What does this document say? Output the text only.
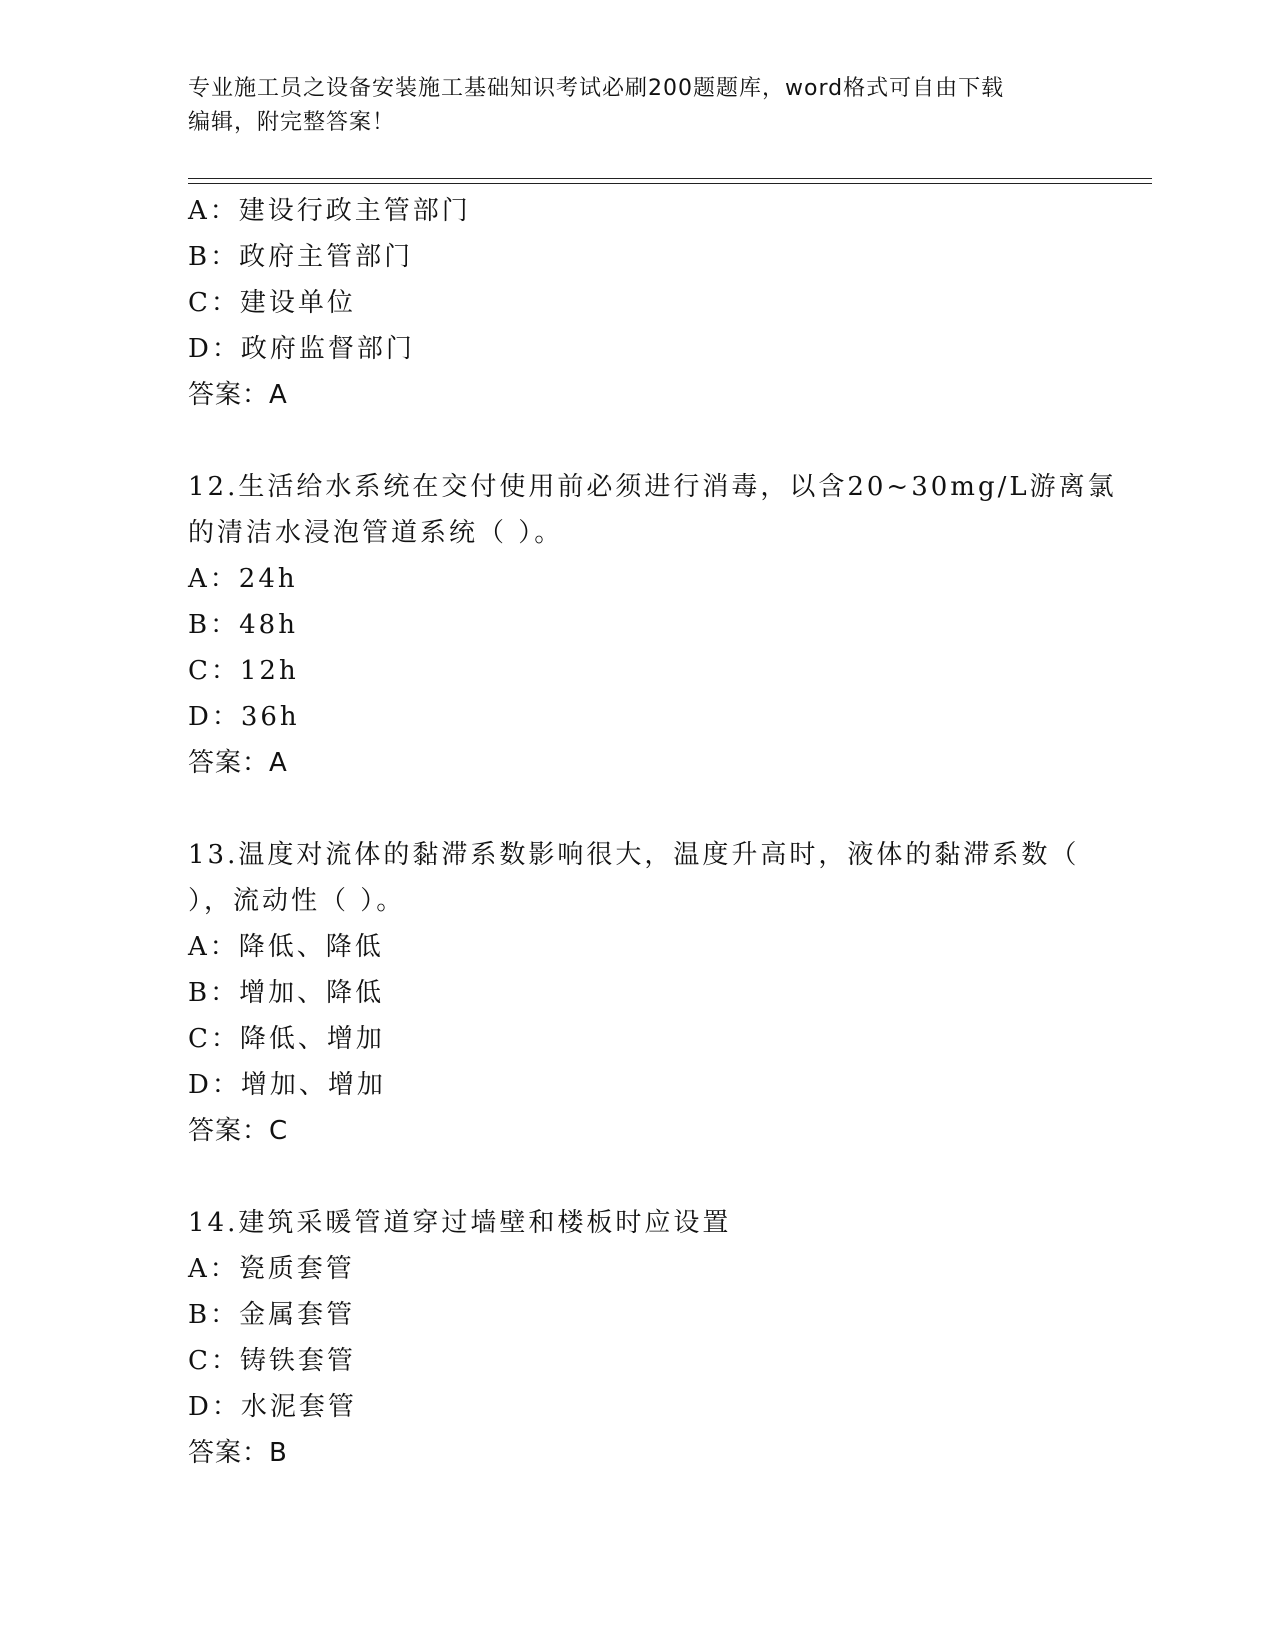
专业施工员之设备安装施工基础知识考试必刷200题题库，word格式可自由下载
编辑，附完整答案！
A：建设行政主管部门
B：政府主管部门
C：建设单位
D：政府监督部门
答案：A
12.生活给水系统在交付使用前必须进行消毒，以含20~30mg/L游离氯
的清洁水浸泡管道系统（ ）。
A：24h
B：48h
C：12h
D：36h
答案：A
13.温度对流体的黏滞系数影响很大，温度升高时，液体的黏滞系数（
），流动性（ ）。
A：降低、降低
B：增加、降低
C：降低、增加
D：增加、增加
答案：C
14.建筑采暖管道穿过墙壁和楼板时应设置
A：瓷质套管
B：金属套管
C：铸铁套管
D：水泥套管
答案：B
